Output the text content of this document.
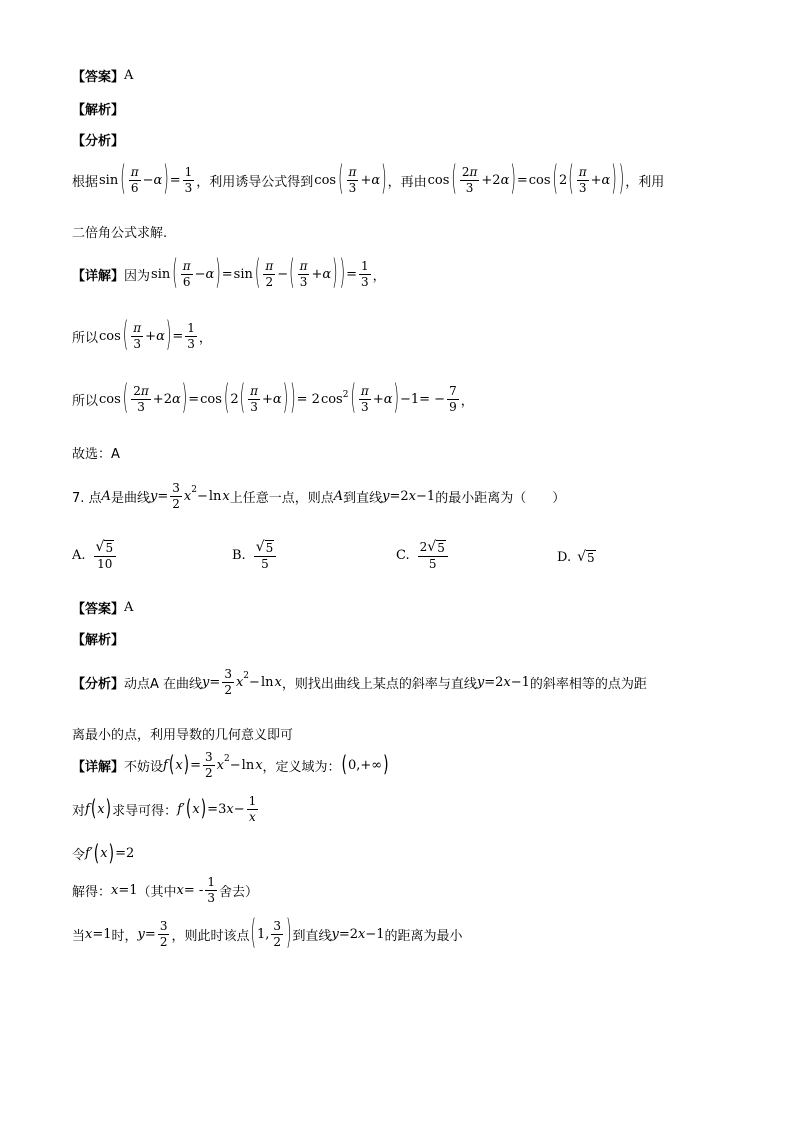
【答案】 A
【解析】
【分析】
根据 sin ( $\frac{\pi}{6} - \alpha$ ) = $\frac{1}{3}$ ，利用诱导公式得到 cos ( $\frac{\pi}{3} + \alpha$ ) ，再由 cos ( $\frac{2\pi}{3} +2$ α ) = cos ( 2 ( $\frac{\pi}{3} + \alpha$ ) ) ，利用
二倍角公式求解.
【详解】 因为 sin ( $\frac{\pi}{6} - \alpha$ ) = sin ( $\frac{\pi}{2}$ − ( $\frac{\pi}{3} + \alpha$ ) ) = $\frac{1}{3}$ ，
所以 cos ( $\frac{\pi}{3} + \alpha$ ) = $\frac{1}{3}$ ，
所以 cos ( $\frac{2\pi}{3} +2$ α ) = cos ( 2 ( $\frac{\pi}{3} + \alpha$ ) ) = 2 $\cos^2$ ( $\frac{\pi}{3} + \alpha$ ) $-1= - \frac{7}{9}$ ，
故选：A
7. 点 A 是曲线 $y = \frac{3}{2}$ x 2 − ln x 上任意一点，则点 A 到直线 y =2 x −1 的最小距离为（　　）
A. $\frac{√ 5}{10}$	B. $\frac{√ 5}{5}$	C. $\frac{2 √ 5}{5}$	D. √ 5
【答案】 A
【解析】
【分析】 动点A 在曲线 $y = \frac{3}{2}$ x 2 − ln x ，则找出曲线上某点的斜率与直线 y =2 x −1 的斜率相等的点为距
离最小的点，利用导数的几何意义即可
【详解】 不妨设 f ( x ) = $\frac{3}{2}$ x 2 − ln x ，定义域为： ( 0,+∞ )
对 f ( x ) 求导可得： f ′ ( x ) =3 $x - \frac{1}{x}$
令 f ′ ( x ) =2
解得： x =1 （其中 x = - $\frac{1}{3}$ 舍去）
当 x =1 时， $y = \frac{3}{2}$ ，则此时该点 ( 1, $\frac{3}{2}$ ) 到直线 y =2 x −1 的距离为最小
